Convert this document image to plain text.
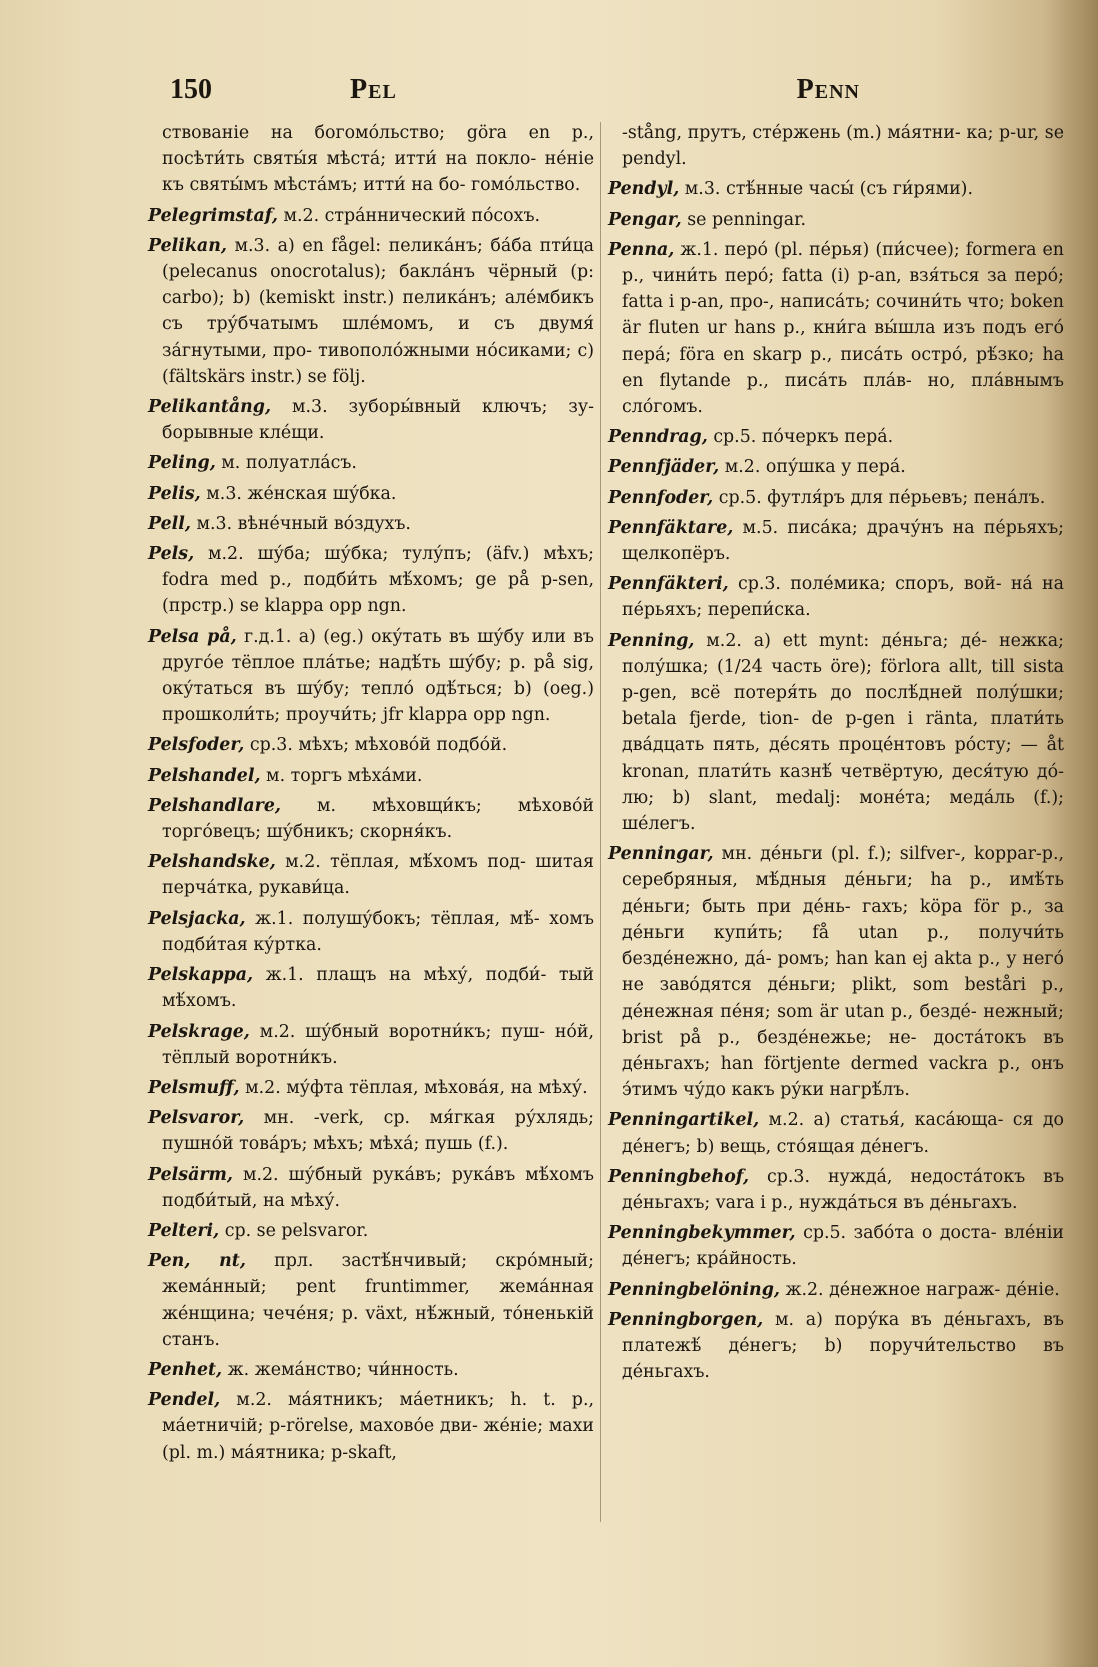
150	Pel	Penn

ствованіе на богомо́льство; göra en p., посѣти́ть святы́я мѣста́; итти́ на покло- не́ніе къ святы́мъ мѣста́мъ; итти́ на бо- гомо́льство.

Pelegrimstaf, м.2. стра́ннический по́сохъ.

Pelikan, м.3. a) en fågel: пелика́нъ; ба́ба пти́ца (pelecanus onocrotalus); бакла́нъ чёрный (p: carbo); b) (kemiskt instr.) пелика́нъ; але́мбикъ съ тру́бчатымъ шле́момъ, и съ двумя́ за́гнутыми, про- тивополо́жными но́сиками; c) (fältskärs instr.) se följ.

Pelikantång, м.3. зубоpы́вный ключъ; зу- борывные кле́щи.

Peling, м. полуатла́съ.

Pelis, м.3. же́нская шу́бка.

Pell, м.3. вѣне́чный во́здухъ.

Pels, м.2. шу́ба; шу́бка; тулу́пъ; (äfv.) мѣхъ; fodra med p., подби́ть мѣ́хомъ; ge på p-sen, (прстр.) se klappa opp ngn.

Pelsa på, г.д.1. a) (eg.) оку́тать въ шу́бу или въ друго́е тёплое пла́тье; надѣ́ть шу́бу; p. på sig, оку́таться въ шу́бу; тепло́ одѣ́ться; b) (oeg.) прошколи́ть; проучи́ть; jfr klappa opp ngn.

Pelsfoder, ср.3. мѣхъ; мѣхово́й подбо́й.

Pelshandel, м. торгъ мѣха́ми.

Pelshandlare, м. мѣховщи́къ; мѣхово́й торго́вецъ; шу́бникъ; скорня́къ.

Pelshandske, м.2. тёплая, мѣ́хомъ под- шитая перча́тка, рукави́ца.

Pelsjacka, ж.1. полушу́бокъ; тёплая, мѣ́- хомъ подби́тая ку́ртка.

Pelskappa, ж.1. плащъ на мѣху́, подби́- тый мѣ́хомъ.

Pelskrage, м.2. шу́бный воротни́къ; пуш- но́й, тёплый воротни́къ.

Pelsmuff, м.2. му́фта тёплая, мѣхова́я, на мѣху́.

Pelsvaror, мн. -verk, ср. мя́гкая ру́хлядь; пушно́й това́ръ; мѣхъ; мѣха́; пушь (f.).

Pelsärm, м.2. шу́бный рука́въ; рука́въ мѣ́хомъ подби́тый, на мѣху́.

Pelteri, ср. se pelsvaror.

Pen, nt, прл. застѣ́нчивый; скро́мный; жема́нный; pent fruntimmer, жема́нная же́нщина; чече́ня; p. växt, нѣ́жный, то́ненькій станъ.

Penhet, ж. жема́нство; чи́нность.

Pendel, м.2. ма́ятникъ; ма́етникъ; h. t. p., ма́етничій; p-rörelse, махово́е дви- же́ніе; махи (pl. m.) ма́ятника; p-skaft,

-stång, прутъ, стéржень (m.) ма́ятни- ка; p-ur, se pendyl.

Pendyl, м.3. стѣ́нные часы́ (съ ги́рями).

Pengar, se penningar.

Penna, ж.1. перо́ (pl. пе́рья) (пи́счее); formera en p., чини́ть перо́; fatta (i) p-an, взя́ться за перо́; fatta i p-an, про-, написа́ть; сочини́ть что; boken är fluten ur hans p., кни́га вы́шла изъ подъ его́ пера́; föra en skarp p., писа́ть остро́, рѣ́зко; ha en flytande p., писа́ть пла́в- но, пла́внымъ сло́гомъ.

Penndrag, ср.5. по́черкъ пера́.

Pennfjäder, м.2. опу́шка у пера́.

Pennfoder, ср.5. футля́ръ для пе́рьевъ; пена́лъ.

Pennfäktare, м.5. пиcа́ка; драчу́нъ на пе́рьяхъ; щелкопёръ.

Pennfäkteri, ср.3. поле́мика; споръ, вой- на́ на пе́рьяхъ; перепи́ска.

Penning, м.2. a) ett mynt: де́ньга; де́- нежка; полу́шка; (1/24 часть öre); förlora allt, till sista p-gen, всё потеря́ть до послѣ́дней полу́шки; betala fjerde, tion- de p-gen i ränta, плати́ть два́дцать пять, де́сять проце́нтовъ ро́сту; — åt kronan, плати́ть казнѣ́ четвёртую, деся́тую до́- лю; b) slant, medalj: моне́та; меда́ль (f.); ше́легъ.

Penningar, мн. де́ньги (pl. f.); silfver-, koppar-p., серебряныя, мѣ́дныя де́ньги; ha p., имѣ́ть де́ньги; быть при де́нь- гахъ; köpa för p., за де́ньги купи́ть; få utan p., получи́ть безде́нежно, да́- ромъ; han kan ej akta p., у него́ не заво́дятся де́ньги; plikt, som beståri p., де́нежная пе́ня; som är utan p., безде́- нежный; brist på p., безде́нежье; не- доста́токъ въ де́ньгахъ; han förtjente dermed vackra p., онъ э́тимъ чу́до какъ ру́ки нагрѣ́лъ.

Penningartikel, м.2. a) статья́, каса́юща- ся до де́негъ; b) вещь, сто́ящая де́негъ.

Penningbehof, ср.3. нужда́, недоста́токъ въ де́ньгахъ; vara i p., нужда́ться въ де́ньгахъ.

Penningbekymmer, ср.5. забо́та о доста- вле́ніи де́негъ; кра́йность.

Penningbelöning, ж.2. де́нежное награж- де́ніе.

Penningborgen, м. a) пору́ка въ де́ньгахъ, въ платежѣ́ де́негъ; b) поручи́тельство въ де́ньгахъ.
